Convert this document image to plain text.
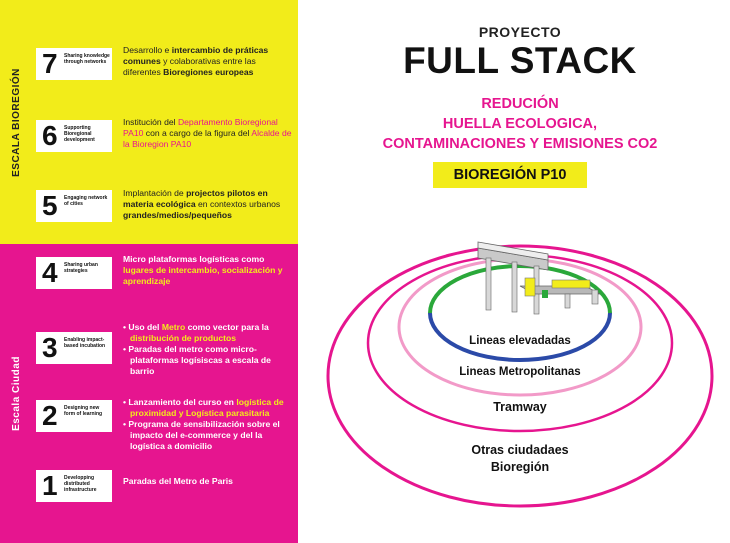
ESCALA BIOREGIÓN
Escala Ciudad
7 Sharing knowledge through networks

Desarrollo e intercambio de práticas comunes y colaborativas entre las diferentes Bioregiones europeas

6 Supporting Bioregional development

Institución del Departamento Bioregional PA10 con a cargo de la figura del Alcalde de la Bioregion PA10

5 Engaging network of cities

Implantación de projectos pilotos en materia ecológica en contextos urbanos grandes/medios/pequeños

4 Sharing urban strategies

Micro plataformas logísticas como lugares de intercambio, socialización y aprendizaje

3 Enabling impact-based incubation

• Uso del Metro como vector para la distribución de productos

• Paradas del metro como micro-plataformas logísiscas a escala de barrio

2 Designing new form of learning

• Lanzamiento del curso en logística de proximidad y Logística parasitaria

• Programa de sensibilización sobre el impacto del e-commerce y del la logística a domicilio

1 Developping distributed infrastructure

Paradas del Metro de Paris

PROYECTO
FULL STACK
REDUCIÓN
HUELLA ECOLOGICA,
CONTAMINACIONES Y EMISIONES CO2
BIOREGIÓN P10
Lineas elevadadas
Lineas Metropolitanas
Tramway
Otras ciudadaes
Bioregión
